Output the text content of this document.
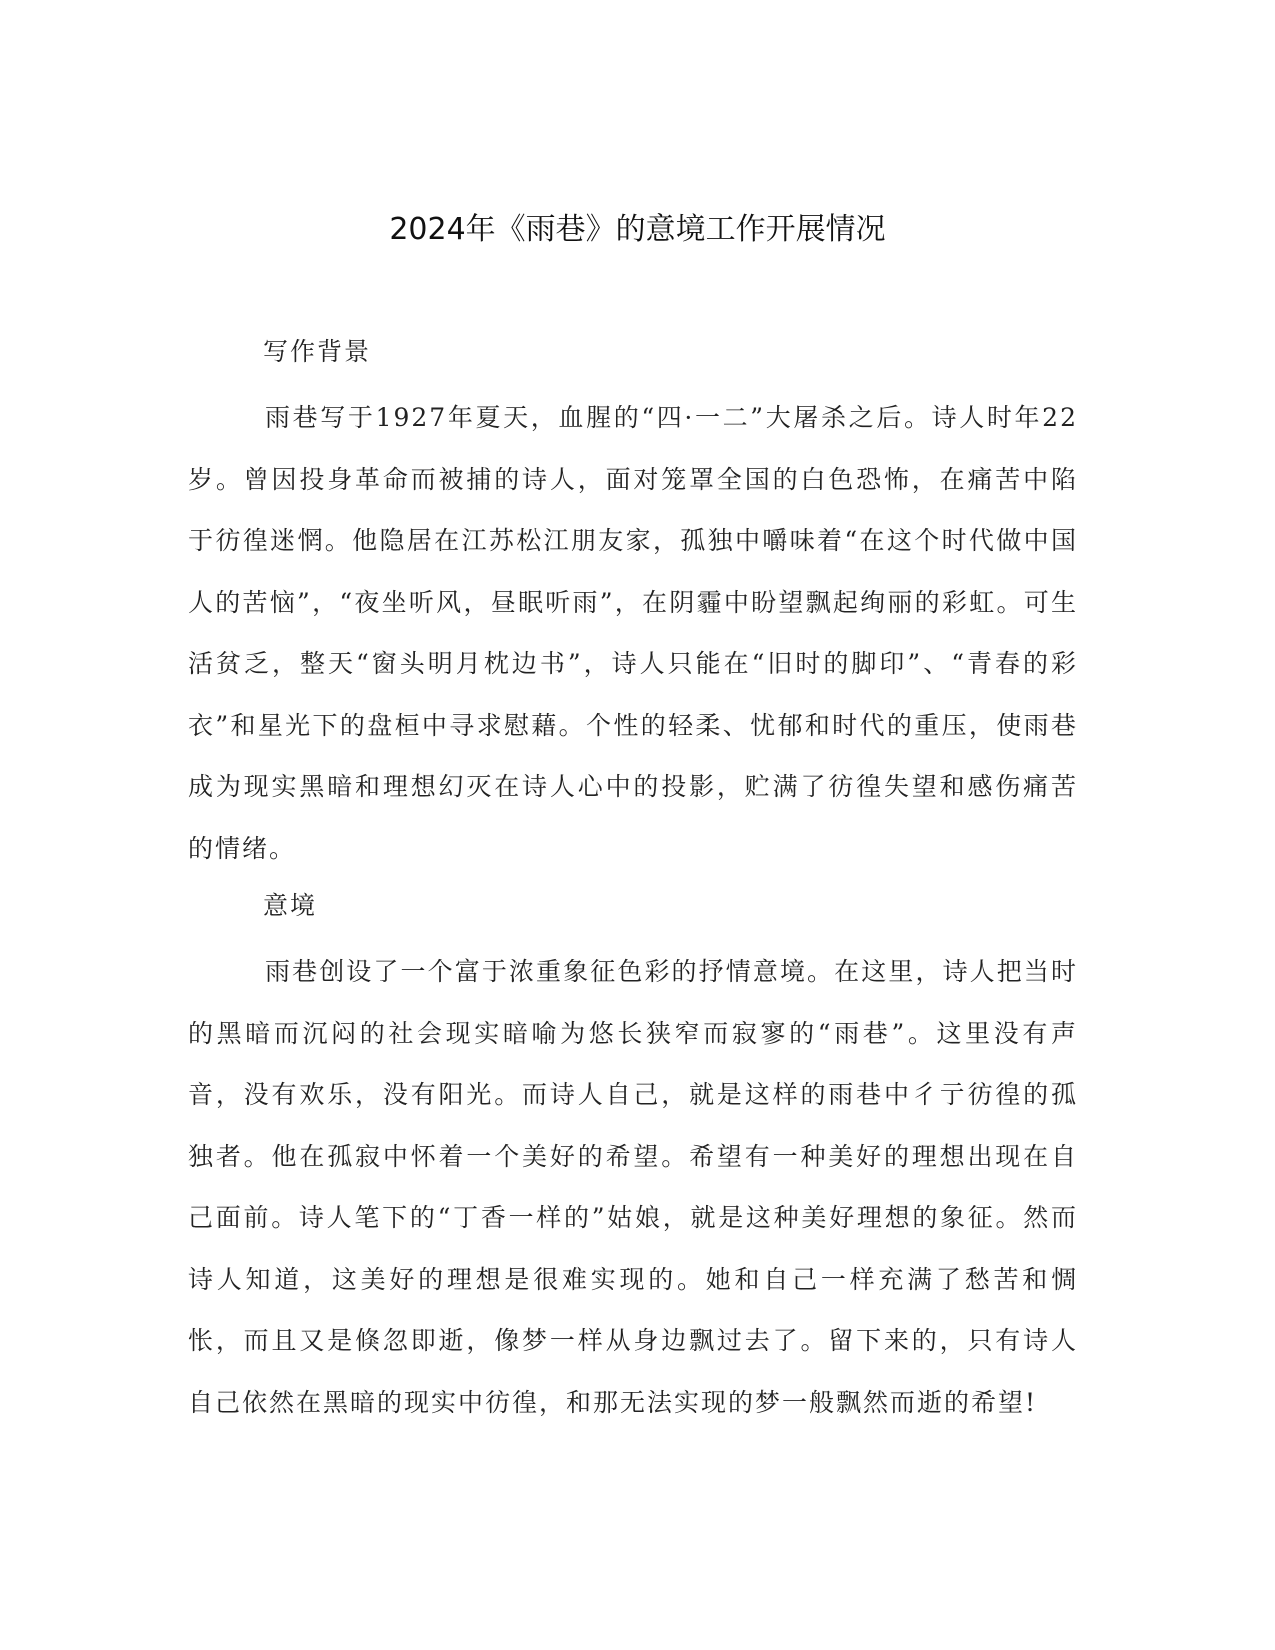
2024年《雨巷》的意境工作开展情况
写作背景

雨巷写于1927年夏天，血腥的“四·一二”大屠杀之后。诗人时年22岁。曾因投身革命而被捕的诗人，面对笼罩全国的白色恐怖，在痛苦中陷于彷徨迷惘。他隐居在江苏松江朋友家，孤独中嚼味着“在这个时代做中国人的苦恼”，“夜坐听风，昼眠听雨”，在阴霾中盼望飘起绚丽的彩虹。可生活贫乏，整天“窗头明月枕边书”，诗人只能在“旧时的脚印”、“青春的彩衣”和星光下的盘桓中寻求慰藉。个性的轻柔、忧郁和时代的重压，使雨巷成为现实黑暗和理想幻灭在诗人心中的投影，贮满了彷徨失望和感伤痛苦的情绪。

意境

雨巷创设了一个富于浓重象征色彩的抒情意境。在这里，诗人把当时的黑暗而沉闷的社会现实暗喻为悠长狭窄而寂寥的“雨巷”。这里没有声音，没有欢乐，没有阳光。而诗人自己，就是这样的雨巷中彳亍彷徨的孤独者。他在孤寂中怀着一个美好的希望。希望有一种美好的理想出现在自己面前。诗人笔下的“丁香一样的”姑娘，就是这种美好理想的象征。然而诗人知道，这美好的理想是很难实现的。她和自己一样充满了愁苦和惆怅，而且又是倏忽即逝，像梦一样从身边飘过去了。留下来的，只有诗人自己依然在黑暗的现实中彷徨，和那无法实现的梦一般飘然而逝的希望!
